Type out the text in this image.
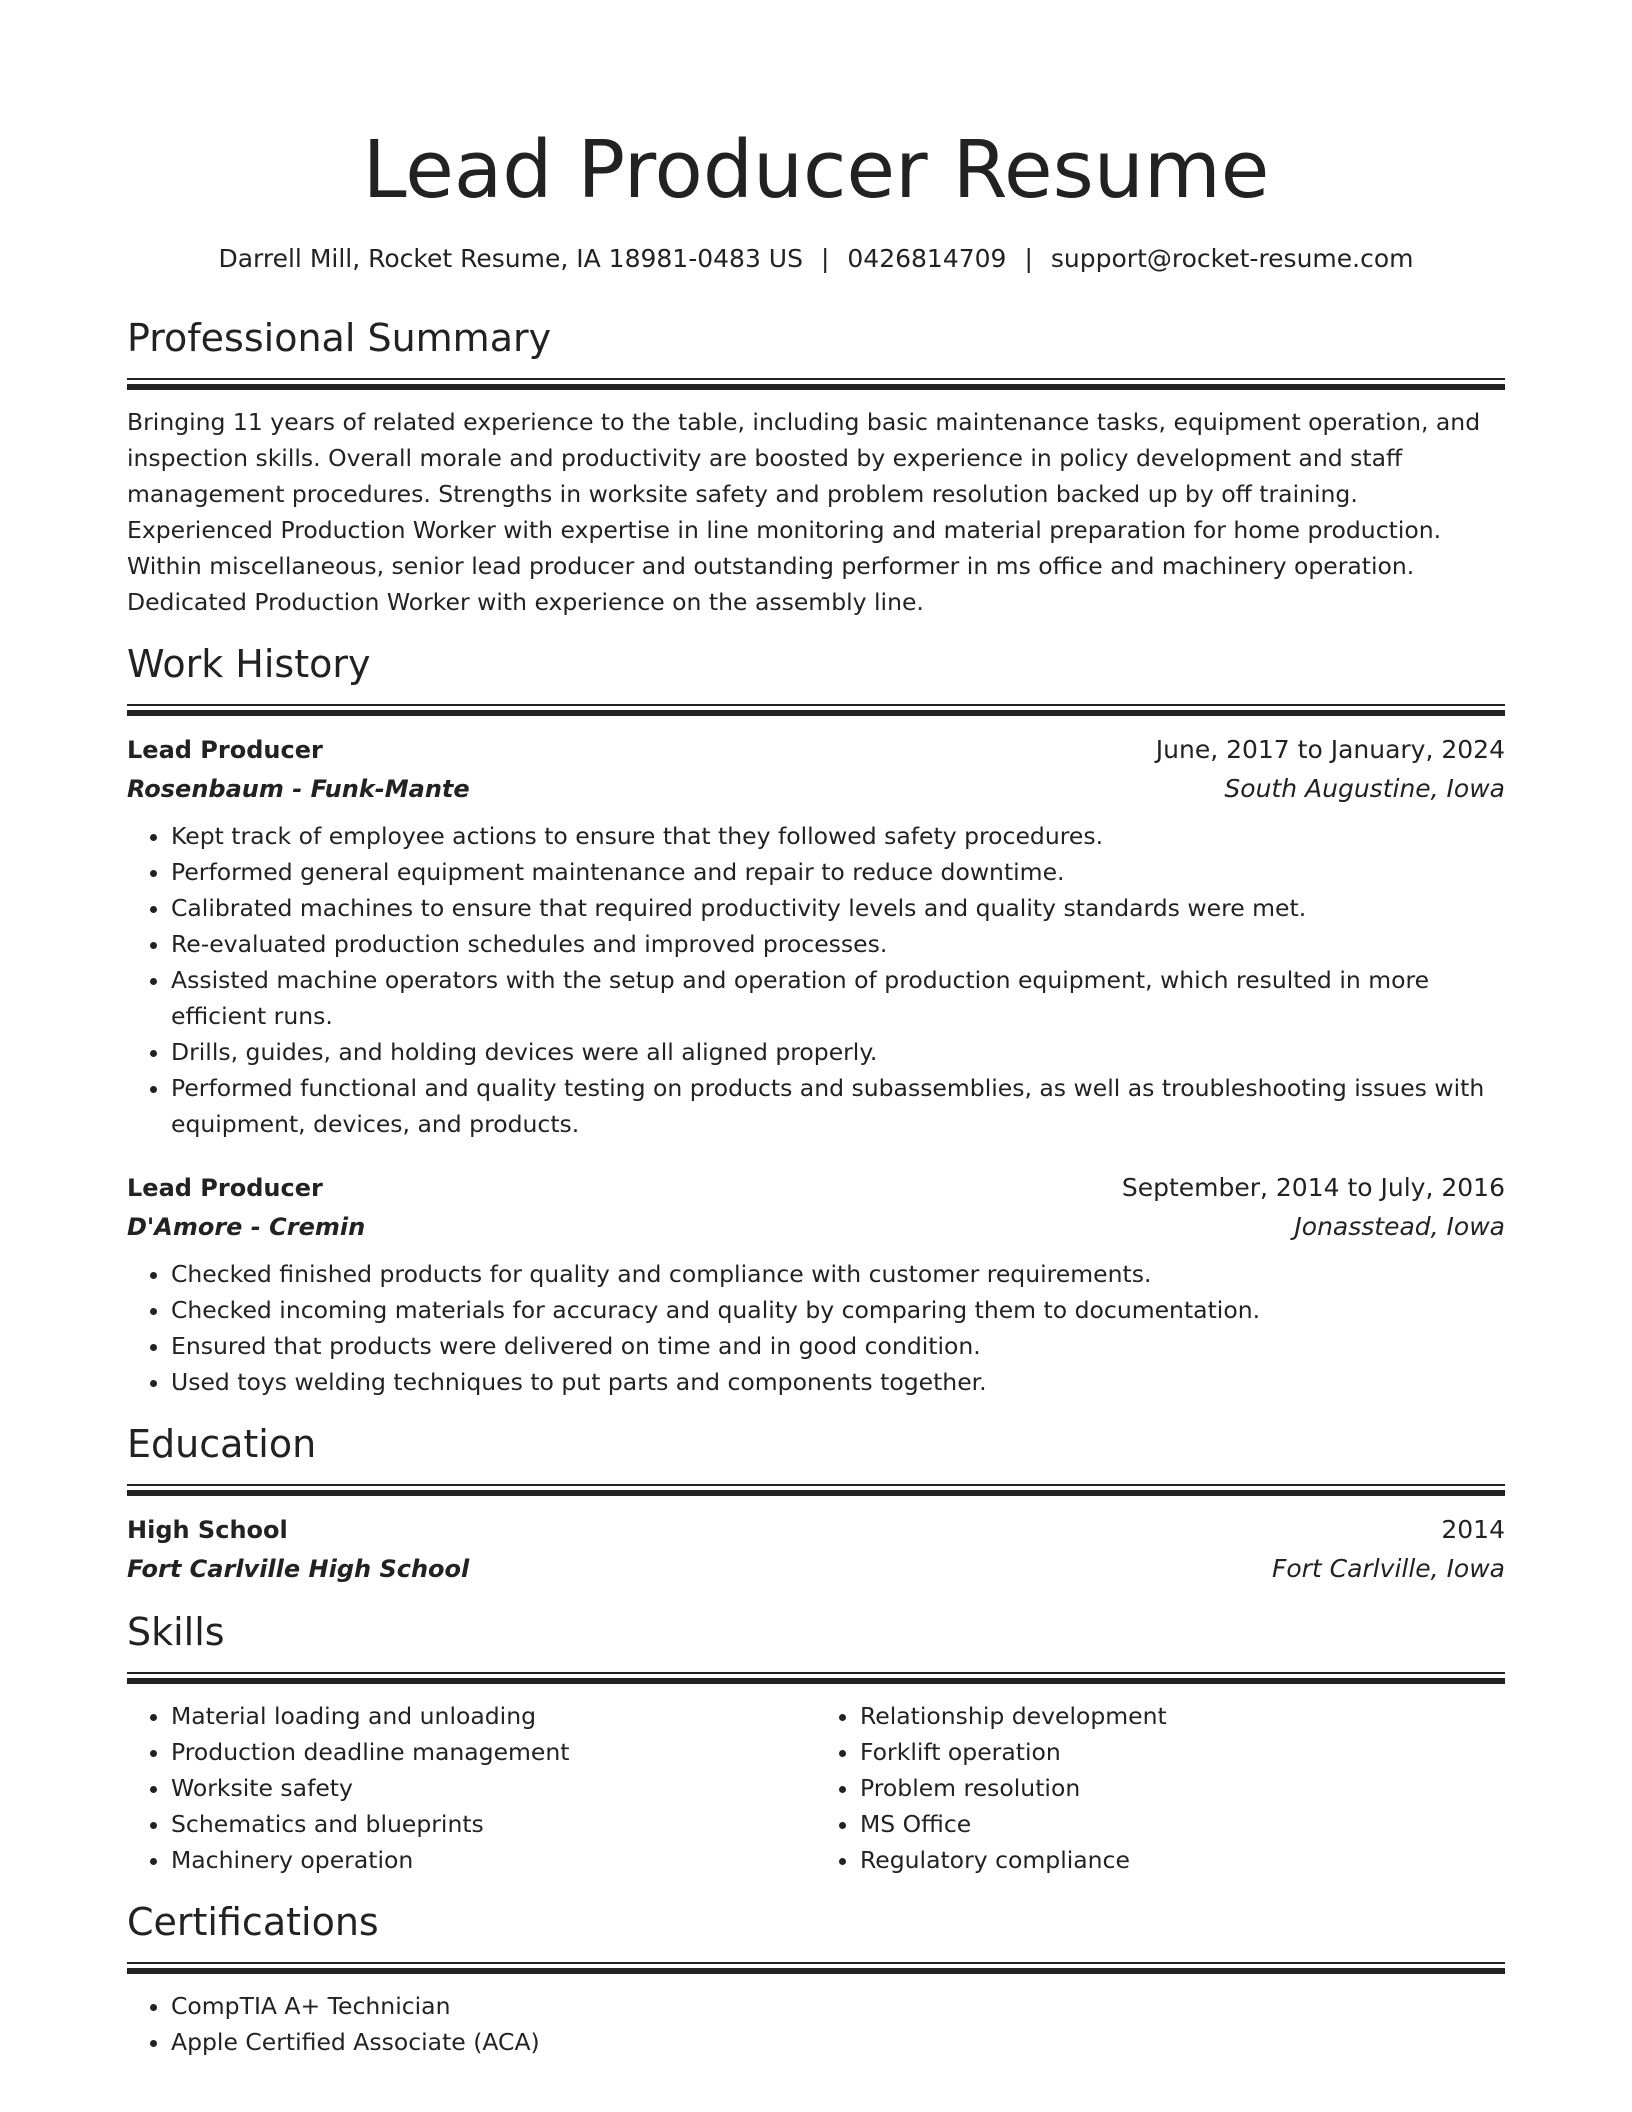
Lead Producer Resume
Darrell Mill, Rocket Resume, IA 18981-0483 US | 0426814709 | support@rocket-resume.com
Professional Summary

Bringing 11 years of related experience to the table, including basic maintenance tasks, equipment operation, and inspection skills. Overall morale and productivity are boosted by experience in policy development and staff management procedures. Strengths in worksite safety and problem resolution backed up by off training. Experienced Production Worker with expertise in line monitoring and material preparation for home production. Within miscellaneous, senior lead producer and outstanding performer in ms office and machinery operation. Dedicated Production Worker with experience on the assembly line.

Work History
Lead Producer	June, 2017 to January, 2024
Rosenbaum - Funk-Mante	South Augustine, Iowa
• Kept track of employee actions to ensure that they followed safety procedures.
• Performed general equipment maintenance and repair to reduce downtime.
• Calibrated machines to ensure that required productivity levels and quality standards were met.
• Re-evaluated production schedules and improved processes.
• Assisted machine operators with the setup and operation of production equipment, which resulted in more efficient runs.
• Drills, guides, and holding devices were all aligned properly.
• Performed functional and quality testing on products and subassemblies, as well as troubleshooting issues with equipment, devices, and products.
Lead Producer	September, 2014 to July, 2016
D'Amore - Cremin	Jonasstead, Iowa
• Checked finished products for quality and compliance with customer requirements.
• Checked incoming materials for accuracy and quality by comparing them to documentation.
• Ensured that products were delivered on time and in good condition.
• Used toys welding techniques to put parts and components together.
Education
High School	2014
Fort Carlville High School	Fort Carlville, Iowa
Skills
• Material loading and unloading
• Production deadline management
• Worksite safety
• Schematics and blueprints
• Machinery operation
• Relationship development
• Forklift operation
• Problem resolution
• MS Office
• Regulatory compliance
Certifications
• CompTIA A+ Technician
• Apple Certified Associate (ACA)
